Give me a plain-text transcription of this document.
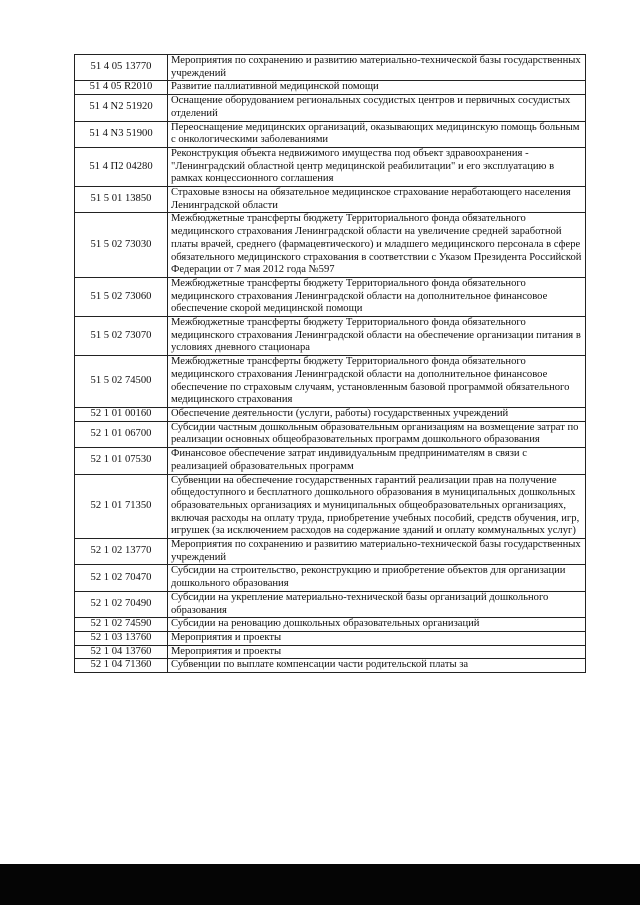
51 4 05 13770	Мероприятия по сохранению и развитию материально-технической базы государственных учреждений
51 4 05 R2010	Развитие паллиативной медицинской помощи
51 4 N2 51920	Оснащение оборудованием региональных сосудистых центров и первичных сосудистых отделений
51 4 N3 51900	Переоснащение медицинских организаций, оказывающих медицинскую помощь больным с онкологическими заболеваниями
51 4 П2 04280	Реконструкция объекта недвижимого имущества под объект здравоохранения - "Ленинградский областной центр медицинской реабилитации" и его эксплуатацию в рамках концессионного соглашения
51 5 01 13850	Страховые взносы на обязательное медицинское страхование неработающего населения Ленинградской области
51 5 02 73030	Межбюджетные трансферты бюджету Территориального фонда обязательного медицинского страхования Ленинградской области на увеличение средней заработной платы врачей, среднего (фармацевтического) и младшего медицинского персонала в сфере обязательного медицинского страхования в соответствии с Указом Президента Российской Федерации от 7 мая 2012 года №597
51 5 02 73060	Межбюджетные трансферты бюджету Территориального фонда обязательного медицинского страхования Ленинградской области на дополнительное финансовое обеспечение скорой медицинской помощи
51 5 02 73070	Межбюджетные трансферты бюджету Территориального фонда обязательного медицинского страхования Ленинградской области на обеспечение организации питания в условиях дневного стационара
51 5 02 74500	Межбюджетные трансферты бюджету Территориального фонда обязательного медицинского страхования Ленинградской области на дополнительное финансовое обеспечение по страховым случаям, установленным базовой программой обязательного медицинского страхования
52 1 01 00160	Обеспечение деятельности (услуги, работы) государственных учреждений
52 1 01 06700	Субсидии частным дошкольным образовательным организациям на возмещение затрат по реализации основных общеобразовательных программ дошкольного образования
52 1 01 07530	Финансовое обеспечение затрат индивидуальным предпринимателям в связи с реализацией образовательных программ
52 1 01 71350	Субвенции на обеспечение государственных гарантий реализации прав на получение общедоступного и бесплатного дошкольного образования в муниципальных дошкольных образовательных организациях и муниципальных общеобразовательных организациях, включая расходы на оплату труда, приобретение учебных пособий, средств обучения, игр, игрушек (за исключением расходов на содержание зданий и оплату коммунальных услуг)
52 1 02 13770	Мероприятия по сохранению и развитию материально-технической базы государственных учреждений
52 1 02 70470	Субсидии на строительство, реконструкцию и приобретение объектов для организации дошкольного образования
52 1 02 70490	Субсидии на укрепление материально-технической базы организаций дошкольного образования
52 1 02 74590	Субсидии на реновацию дошкольных образовательных организаций
52 1 03 13760	Мероприятия и проекты
52 1 04 13760	Мероприятия и проекты
52 1 04 71360	Субвенции по выплате компенсации части родительской платы за
